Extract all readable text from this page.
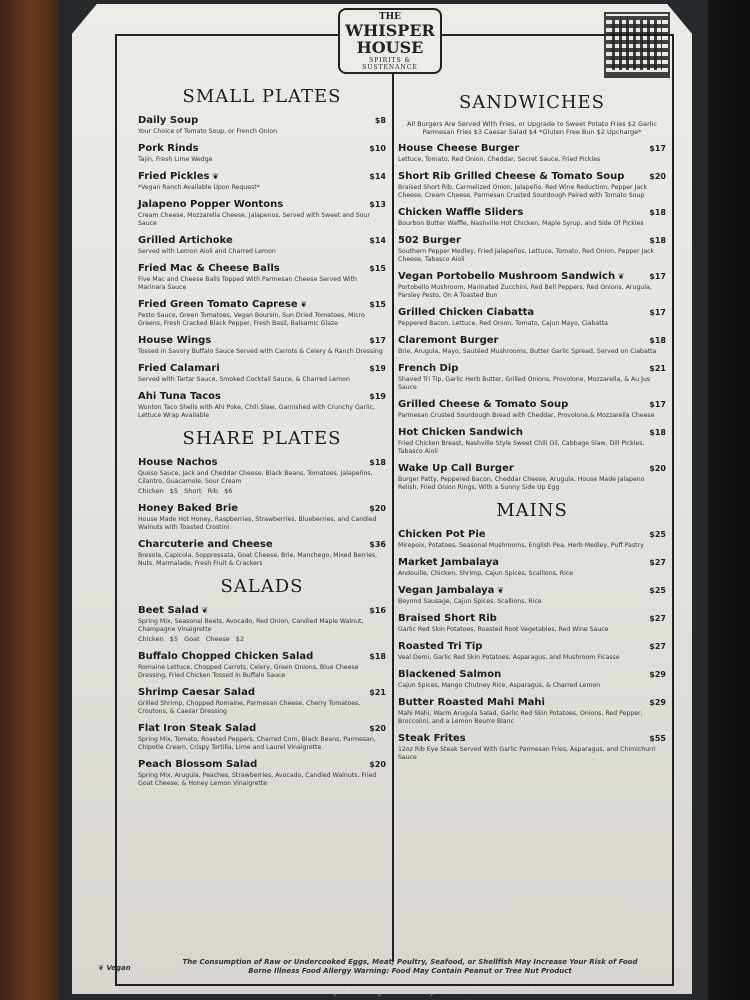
THE
WHISPER
HOUSE
SPIRITS & SUSTENANCE
SMALL PLATES
Daily Soup	$8
Your Choice of Tomato Soup, or French Onion
Pork Rinds	$10
Tajin, Fresh Lime Wedge
Fried Pickles ❦	$14
*Vegan Ranch Available Upon Request*
Jalapeno Popper Wontons	$13
Cream Cheese, Mozzarella Cheese, Jalapenos, Served with Sweet and Sour Sauce
Grilled Artichoke	$14
Served with Lemon Aioli and Charred Lemon
Fried Mac & Cheese Balls	$15
Five Mac and Cheese Balls Topped With Parmesan Cheese Served With Marinara Sauce
Fried Green Tomato Caprese ❦	$15
Pesto Sauce, Green Tomatoes, Vegan Boursin, Sun Dried Tomatoes, Micro Greens, Fresh Cracked Black Pepper, Fresh Basil, Balsamic Glaze
House Wings	$17
Tossed in Savory Buffalo Sauce Served with Carrots & Celery & Ranch Dressing
Fried Calamari	$19
Served with Tartar Sauce, Smoked Cocktail Sauce, & Charred Lemon
Ahi Tuna Tacos	$19
Wonton Taco Shells with Ahi Poke, Chili Slaw, Garnished with Crunchy Garlic, Lettuce Wrap Available
SHARE PLATES
House Nachos	$18
Queso Sauce, Jack and Cheddar Cheese, Black Beans, Tomatoes, Jalapeños, Cilantro, Guacamole, Sour Cream
Chicken $5 Short Rib $6
Honey Baked Brie	$20
House Made Hot Honey, Raspberries, Strawberries, Blueberries, and Candied Walnuts with Toasted Crostini
Charcuterie and Cheese	$36
Bresola, Capicola, Soppressata, Goat Cheese, Brie, Manchego, Mixed Berries, Nuts, Marmalade, Fresh Fruit & Crackers
SALADS
Beet Salad ❦	$16
Spring Mix, Seasonal Beets, Avocado, Red Onion, Candied Maple Walnut, Champagne Vinaigrette
Chicken $5 Goat Cheese $2
Buffalo Chopped Chicken Salad	$18
Romaine Lettuce, Chopped Carrots, Celery, Green Onions, Blue Cheese Dressing, Fried Chicken Tossed in Buffalo Sauce
Shrimp Caesar Salad	$21
Grilled Shrimp, Chopped Romaine, Parmesan Cheese, Cherry Tomatoes, Croutons, & Caesar Dressing
Flat Iron Steak Salad	$20
Spring Mix, Tomato, Roasted Peppers, Charred Corn, Black Beans, Parmesan, Chipotle Cream, Crispy Tortilla, Lime and Laurel Vinaigrette
Peach Blossom Salad	$20
Spring Mix, Arugula, Peaches, Strawberries, Avocado, Candied Walnuts, Fried Goat Cheese, & Honey Lemon Vinaigrette
SANDWICHES
All Burgers Are Served With Fries, or Upgrade to Sweet Potato Fries $2 Garlic Parmesan Fries $3 Caesar Salad $4 *Gluten Free Bun $2 Upcharge*
House Cheese Burger	$17
Lettuce, Tomato, Red Onion, Cheddar, Secret Sauce, Fried Pickles
Short Rib Grilled Cheese & Tomato Soup	$20
Braised Short Rib, Carmelized Onion, Jalapeño, Red Wine Reduction, Pepper Jack Cheese, Cream Cheese, Parmesan Crusted Sourdough Paired with Tomato Soup
Chicken Waffle Sliders	$18
Bourbon Butter Waffle, Nashville Hot Chicken, Maple Syrup, and Side Of Pickles
502 Burger	$18
Southern Pepper Medley, Fried Jalapeños, Lettuce, Tomato, Red Onion, Pepper Jack Cheese, Tabasco Aioli
Vegan Portobello Mushroom Sandwich ❦	$17
Portobello Mushroom, Marinated Zucchini, Red Bell Peppers, Red Onions, Arugula, Parsley Pesto, On A Toasted Bun
Grilled Chicken Ciabatta	$17
Peppered Bacon, Lettuce, Red Onion, Tomato, Cajun Mayo, Ciabatta
Claremont Burger	$18
Brie, Arugula, Mayo, Sautéed Mushrooms, Butter Garlic Spread, Served on Ciabatta
French Dip	$21
Shaved Tri Tip, Garlic Herb Butter, Grilled Onions, Provolone, Mozzarella, & Au Jus Sauce
Grilled Cheese & Tomato Soup	$17
Parmesan Crusted Sourdough Bread with Cheddar, Provolone,& Mozzarella Cheese
Hot Chicken Sandwich	$18
Fried Chicken Breast, Nashville Style Sweet Chili Oil, Cabbage Slaw, Dill Pickles, Tabasco Aioli
Wake Up Call Burger	$20
Burger Patty, Peppered Bacon, Cheddar Cheese, Arugula, House Made Jalapeno Relish, Fried Onion Rings, With a Sunny Side Up Egg
MAINS
Chicken Pot Pie	$25
Mirepoix, Potatoes, Seasonal Mushrooms, English Pea, Herb Medley, Puff Pastry
Market Jambalaya	$27
Andouille, Chicken, Shrimp, Cajun Spices, Scallions, Rice
Vegan Jambalaya ❦	$25
Beyond Sausage, Cajun Spices, Scallions, Rice
Braised Short Rib	$27
Garlic Red Skin Potatoes, Roasted Root Vegetables, Red Wine Sauce
Roasted Tri Tip	$27
Veal Demi, Garlic Red Skin Potatoes, Asparagus, and Mushroom Ficasse
Blackened Salmon	$29
Cajun Spices, Mango Chutney Rice, Asparagus, & Charred Lemon
Butter Roasted Mahi Mahi	$29
Mahi Mahi, Warm Arugula Salad, Garlic Red Skin Potatoes, Onions, Red Pepper, Broccolini, and a Lemon Beurre Blanc
Steak Frites	$55
12oz Rib Eye Steak Served With Garlic Parmesan Fries, Asparagus, and Chimichurri Sauce
❦ Vegan
The Consumption of Raw or Undercooked Eggs, Meat, Poultry, Seafood, or Shellfish May Increase Your Risk of Food Borne Illness Food Allergy Warning: Food May Contain Peanut or Tree Nut Product
All Prices Are Subject To Change 18% Gratuity Will Be Added To All Parties 6 or More
